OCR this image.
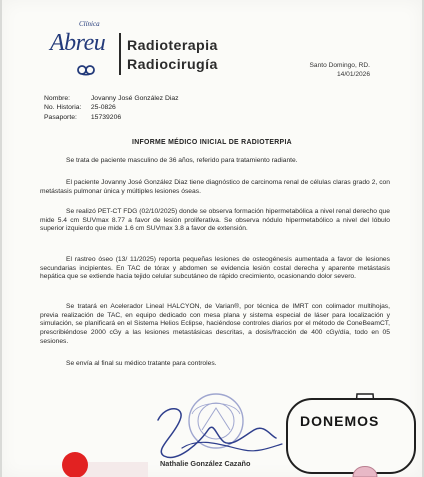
Clínica
Abreu Radioterapia
Radiocirugía	Santo Domingo, RD.
14/01/2026
Nombre:	Jovanny José González Diaz
No. Historia: 25-0826
Pasaporte: 15739206
INFORME MÉDICO INICIAL DE RADIOTERPIA
Se trata de paciente masculino de 36 años, referido para tratamiento radiante.
El paciente Jovanny José González Diaz tiene diagnóstico de carcinoma renal de células claras grado 2, con metástasis pulmonar única y múltiples lesiones óseas.
Se realizó PET-CT FDG (02/10/2025) donde se observa formación hipermetabólica a nivel renal derecho que mide 5.4 cm SUVmax 8.77 a favor de lesión proliferativa. Se observa nódulo hipermetabólico a nivel del lóbulo superior izquierdo que mide 1.6 cm SUVmax 3.8 a favor de extensión.
El rastreo óseo (13/ 11/2025) reporta pequeñas lesiones de osteogénesis aumentada a favor de lesiones secundarias incipientes. En TAC de tórax y abdomen se evidencia lesión costal derecha y aparente metástasis hepática que se extiende hacia tejido celular subcutáneo de rápido crecimiento, ocasionando dolor severo.
Se tratará en Acelerador Lineal HALCYON, de Varian®, por técnica de IMRT con colimador multihojas, previa realización de TAC, en equipo dedicado con mesa plana y sistema especial de láser para localización y simulación, se planificará en el Sistema Helios Eclipse, haciéndose controles diarios por el método de ConeBeamCT, prescribiéndose 2000 cGy a las lesiones metastásicas descritas, a dosis/fracción de 400 cGy/día, todo en 05 sesiones.
Se envía al final su médico tratante para controles.
Nathalie González Cazaño
DONEMOS
